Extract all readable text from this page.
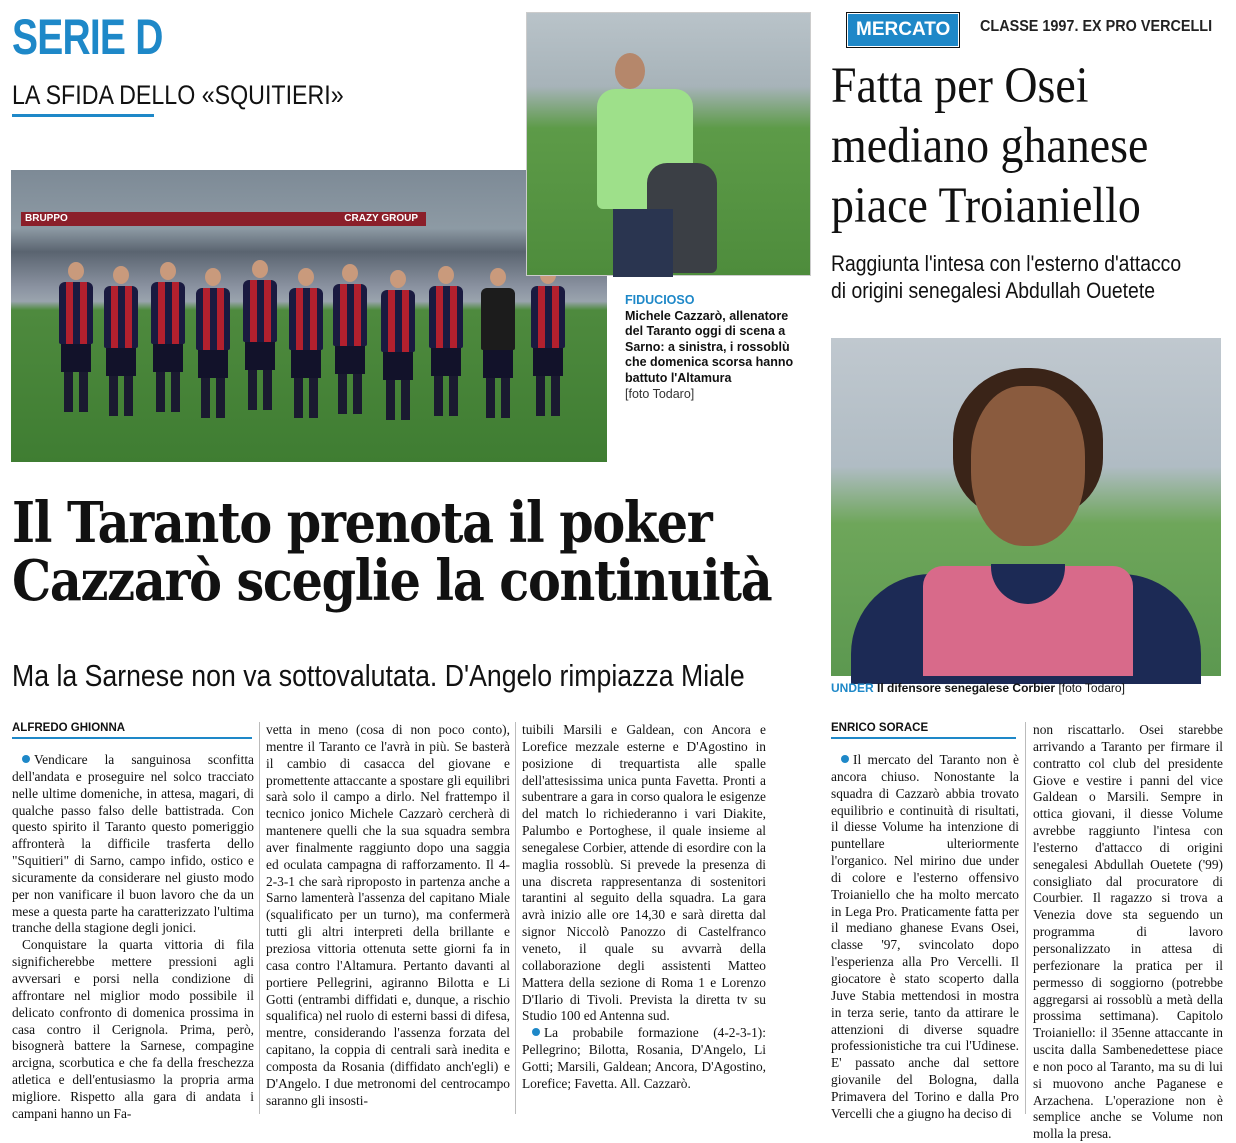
SERIE D
LA SFIDA DELLO «SQUITIERI»
BRUPPO	CRAZY GROUP
FIDUCIOSO
Michele Cazzarò, allenatore del Taranto oggi di scena a Sarno: a sinistra, i rossoblù che domenica scorsa hanno battuto l'Altamura
[foto Todaro]
Il Taranto prenota il poker
Cazzarò sceglie la continuità
Ma la Sarnese non va sottovalutata. D'Angelo rimpiazza Miale
MERCATO	CLASSE 1997. EX PRO VERCELLI
Fatta per Osei
mediano ghanese
piace Troianiello
Raggiunta l'intesa con l'esterno d'attacco
di origini senegalesi Abdullah Ouetete
UNDER Il difensore senegalese Corbier [foto Todaro]
ALFREDO GHIONNA

Vendicare la sanguinosa sconfitta dell'andata e proseguire nel solco tracciato nelle ultime domeniche, in attesa, magari, di qualche passo falso delle battistrada. Con questo spirito il Taranto questo pomeriggio affronterà la difficile trasferta dello "Squitieri" di Sarno, campo infido, ostico e sicuramente da considerare nel giusto modo per non vanificare il buon lavoro che da un mese a questa parte ha caratterizzato l'ultima tranche della stagione degli jonici.

Conquistare la quarta vittoria di fila significherebbe mettere pressioni agli avversari e porsi nella condizione di affrontare nel miglior modo possibile il delicato confronto di domenica prossima in casa contro il Cerignola. Prima, però, bisognerà battere la Sarnese, compagine arcigna, scorbutica e che fa della freschezza atletica e dell'entusiasmo la propria arma migliore. Rispetto alla gara di andata i campani hanno un Fa-

vetta in meno (cosa di non poco conto), mentre il Taranto ce l'avrà in più. Se basterà il cambio di casacca del giovane e promettente attaccante a spostare gli equilibri sarà solo il campo a dirlo. Nel frattempo il tecnico jonico Michele Cazzarò cercherà di mantenere quelli che la sua squadra sembra aver finalmente raggiunto dopo una saggia ed oculata campagna di rafforzamento. Il 4-2-3-1 che sarà riproposto in partenza anche a Sarno lamenterà l'assenza del capitano Miale (squalificato per un turno), ma confermerà tutti gli altri interpreti della brillante e preziosa vittoria ottenuta sette giorni fa in casa contro l'Altamura. Pertanto davanti al portiere Pellegrini, agiranno Bilotta e Li Gotti (entrambi diffidati e, dunque, a rischio squalifica) nel ruolo di esterni bassi di difesa, mentre, considerando l'assenza forzata del capitano, la coppia di centrali sarà inedita e composta da Rosania (diffidato anch'egli) e D'Angelo. I due metronomi del centrocampo saranno gli insosti-

tuibili Marsili e Galdean, con Ancora e Lorefice mezzale esterne e D'Agostino in posizione di trequartista alle spalle dell'attesissima unica punta Favetta. Pronti a subentrare a gara in corso qualora le esigenze del match lo richiederanno i vari Diakite, Palumbo e Portoghese, il quale insieme al senegalese Corbier, attende di esordire con la maglia rossoblù. Si prevede la presenza di una discreta rappresentanza di sostenitori tarantini al seguito della squadra. La gara avrà inizio alle ore 14,30 e sarà diretta dal signor Niccolò Panozzo di Castelfranco veneto, il quale su avvarrà della collaborazione degli assistenti Matteo Mattera della sezione di Roma 1 e Lorenzo D'Ilario di Tivoli. Prevista la diretta tv su Studio 100 ed Antenna sud.

La probabile formazione (4-2-3-1): Pellegrino; Bilotta, Rosania, D'Angelo, Li Gotti; Marsili, Galdean; Ancora, D'Agostino, Lorefice; Favetta. All. Cazzarò.

ENRICO SORACE

Il mercato del Taranto non è ancora chiuso. Nonostante la squadra di Cazzarò abbia trovato equilibrio e continuità di risultati, il diesse Volume ha intenzione di puntellare ulteriormente l'organico. Nel mirino due under di colore e l'esterno offensivo Troianiello che ha molto mercato in Lega Pro. Praticamente fatta per il mediano ghanese Evans Osei, classe '97, svincolato dopo l'esperienza alla Pro Vercelli. Il giocatore è stato scoperto dalla Juve Stabia mettendosi in mostra in terza serie, tanto da attirare le attenzioni di diverse squadre professionistiche tra cui l'Udinese. E' passato anche dal settore giovanile del Bologna, dalla Primavera del Torino e dalla Pro Vercelli che a giugno ha deciso di

non riscattarlo. Osei starebbe arrivando a Taranto per firmare il contratto col club del presidente Giove e vestire i panni del vice Galdean o Marsili. Sempre in ottica giovani, il diesse Volume avrebbe raggiunto l'intesa con l'esterno d'attacco di origini senegalesi Abdullah Ouetete ('99) consigliato dal procuratore di Courbier. Il ragazzo si trova a Venezia dove sta seguendo un programma di lavoro personalizzato in attesa di perfezionare la pratica per il permesso di soggiorno (potrebbe aggregarsi ai rossoblù a metà della prossima settimana). Capitolo Troianiello: il 35enne attaccante in uscita dalla Sambenedettese piace e non poco al Taranto, ma su di lui si muovono anche Paganese e Arzachena. L'operazione non è semplice anche se Volume non molla la presa.
